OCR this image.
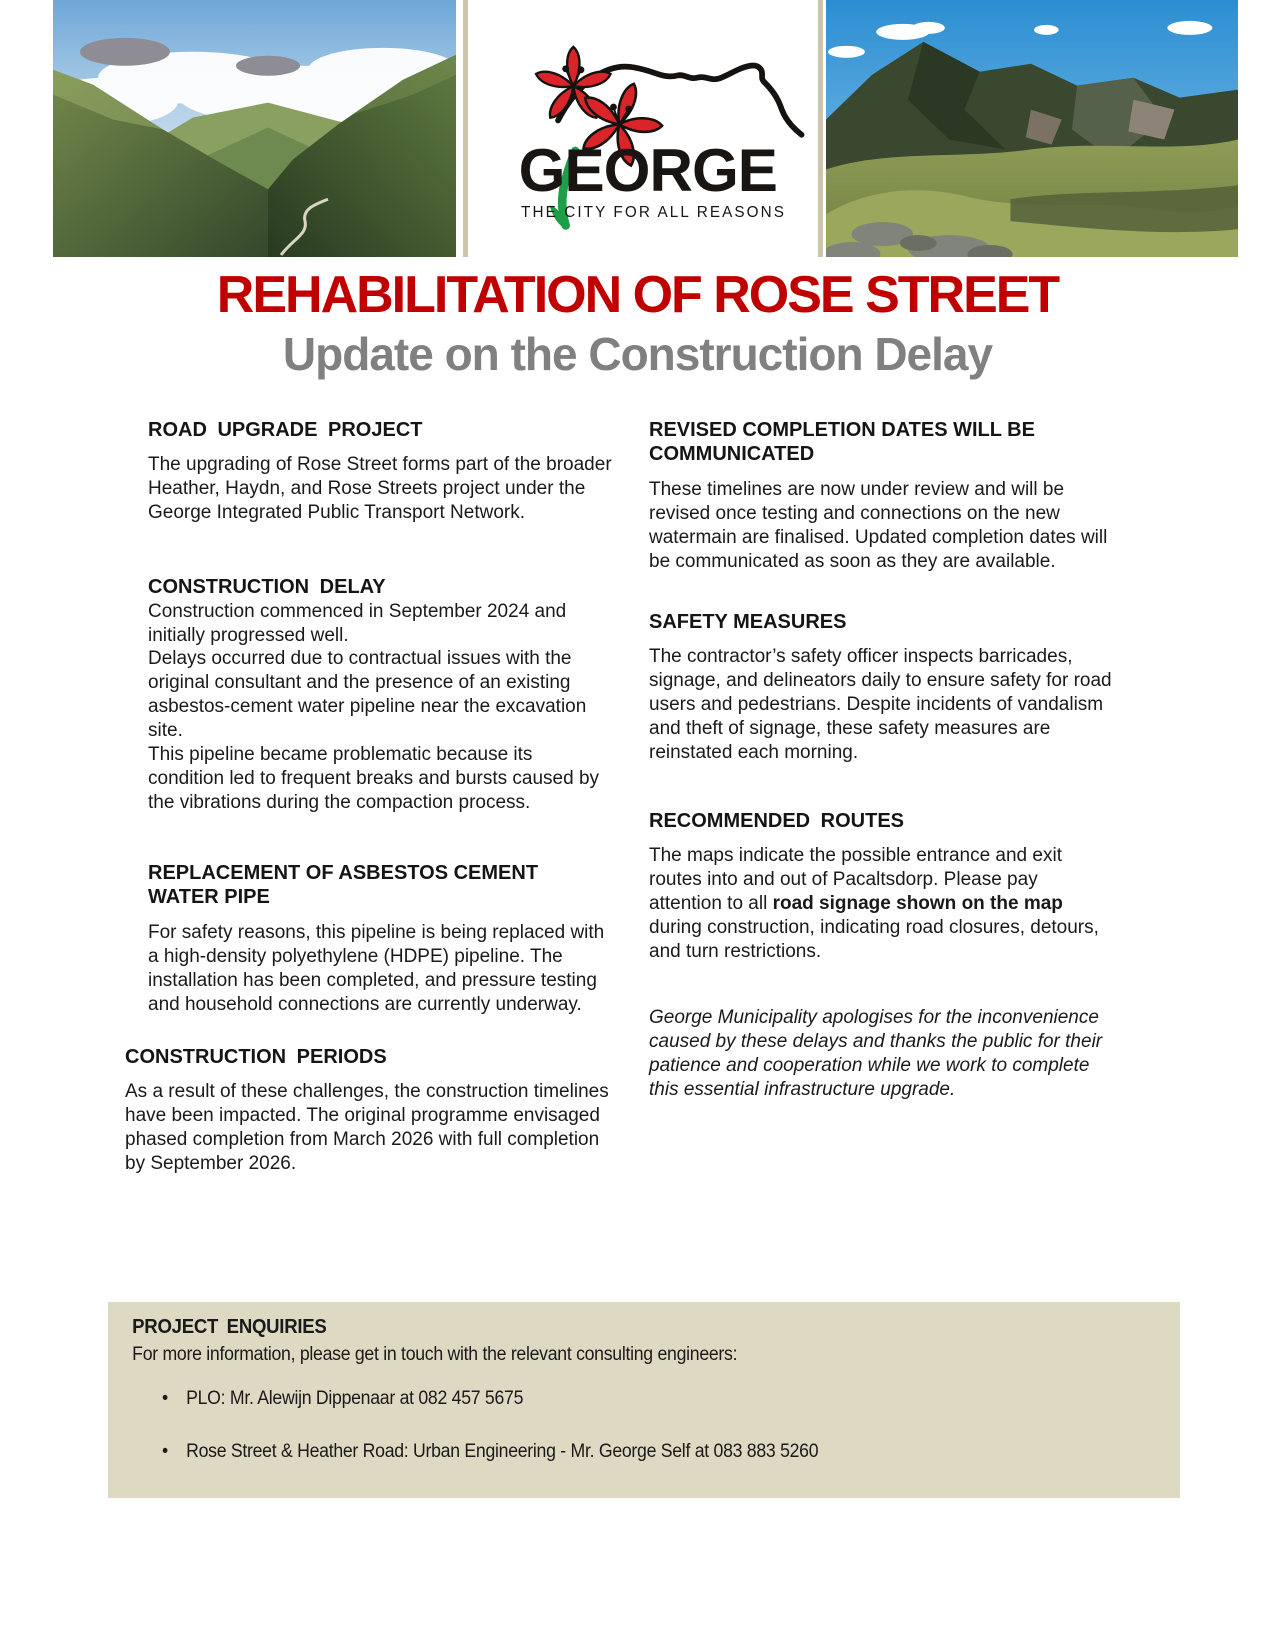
GEORGE
THE CITY FOR ALL REASONS
REHABILITATION OF ROSE STREET
Update on the Construction Delay
ROAD UPGRADE PROJECT

The upgrading of Rose Street forms part of the broader Heather, Haydn, and Rose Streets project under the George Integrated Public Transport Network.

CONSTRUCTION DELAY

Construction commenced in September 2024 and initially progressed well.

Delays occurred due to contractual issues with the original consultant and the presence of an existing asbestos-cement water pipeline near the excavation site.

This pipeline became problematic because its condition led to frequent breaks and bursts caused by the vibrations during the compaction process.

REPLACEMENT OF ASBESTOS CEMENT WATER PIPE

For safety reasons, this pipeline is being replaced with a high-density polyethylene (HDPE) pipeline. The installation has been completed, and pressure testing and household connections are currently underway.

CONSTRUCTION PERIODS

As a result of these challenges, the construction timelines have been impacted. The original programme envisaged phased completion from March 2026 with full completion by September 2026.

REVISED COMPLETION DATES WILL BE COMMUNICATED

These timelines are now under review and will be revised once testing and connections on the new watermain are finalised. Updated completion dates will be communicated as soon as they are available.

SAFETY MEASURES

The contractor’s safety officer inspects barricades, signage, and delineators daily to ensure safety for road users and pedestrians. Despite incidents of vandalism and theft of signage, these safety measures are reinstated each morning.

RECOMMENDED ROUTES

The maps indicate the possible entrance and exit routes into and out of Pacaltsdorp. Please pay attention to all road signage shown on the map during construction, indicating road closures, detours, and turn restrictions.

George Municipality apologises for the inconvenience caused by these delays and thanks the public for their patience and cooperation while we work to complete this essential infrastructure upgrade.

PROJECT ENQUIRIES

For more information, please get in touch with the relevant consulting engineers:

• PLO: Mr. Alewijn Dippenaar at 082 457 5675
• Rose Street & Heather Road: Urban Engineering - Mr. George Self at 083 883 5260
